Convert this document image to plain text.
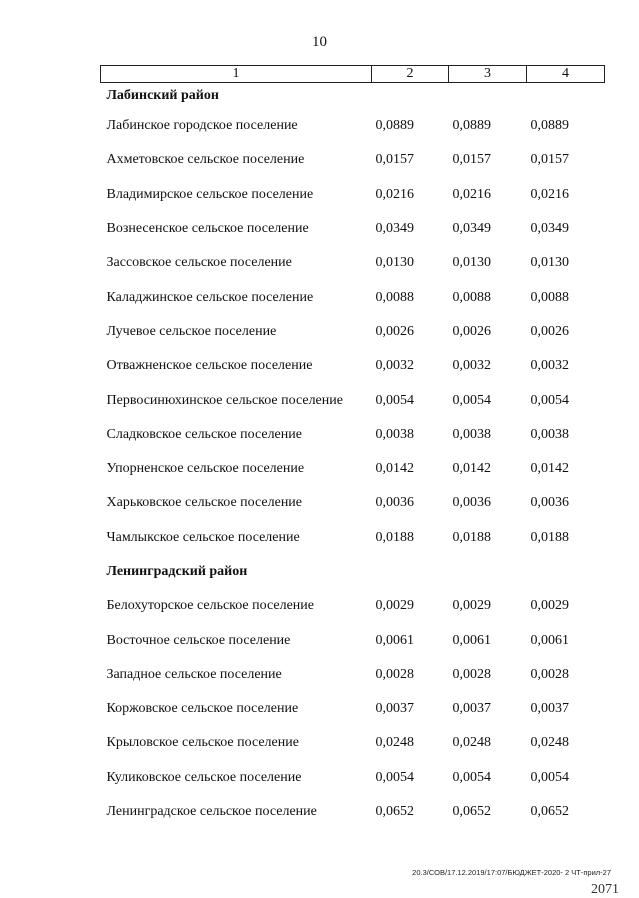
10
1	2	3	4
Лабинский район			
Лабинское городское поселение	0,0889	0,0889	0,0889
Ахметовское сельское поселение	0,0157	0,0157	0,0157
Владимирское сельское поселение	0,0216	0,0216	0,0216
Вознесенское сельское поселение	0,0349	0,0349	0,0349
Зассовское сельское поселение	0,0130	0,0130	0,0130
Каладжинское сельское поселение	0,0088	0,0088	0,0088
Лучевое сельское поселение	0,0026	0,0026	0,0026
Отважненское сельское поселение	0,0032	0,0032	0,0032
Первосинюхинское сельское поселение	0,0054	0,0054	0,0054
Сладковское сельское поселение	0,0038	0,0038	0,0038
Упорненское сельское поселение	0,0142	0,0142	0,0142
Харьковское сельское поселение	0,0036	0,0036	0,0036
Чамлыкское сельское поселение	0,0188	0,0188	0,0188
Ленинградский район			
Белохуторское сельское поселение	0,0029	0,0029	0,0029
Восточное сельское поселение	0,0061	0,0061	0,0061
Западное сельское поселение	0,0028	0,0028	0,0028
Коржовское сельское поселение	0,0037	0,0037	0,0037
Крыловское сельское поселение	0,0248	0,0248	0,0248
Куликовское сельское поселение	0,0054	0,0054	0,0054
Ленинградское сельское поселение	0,0652	0,0652	0,0652
20.3/СОВ/17.12.2019/17:07/БЮДЖЕТ-2020- 2 ЧТ-прил-27
2071
